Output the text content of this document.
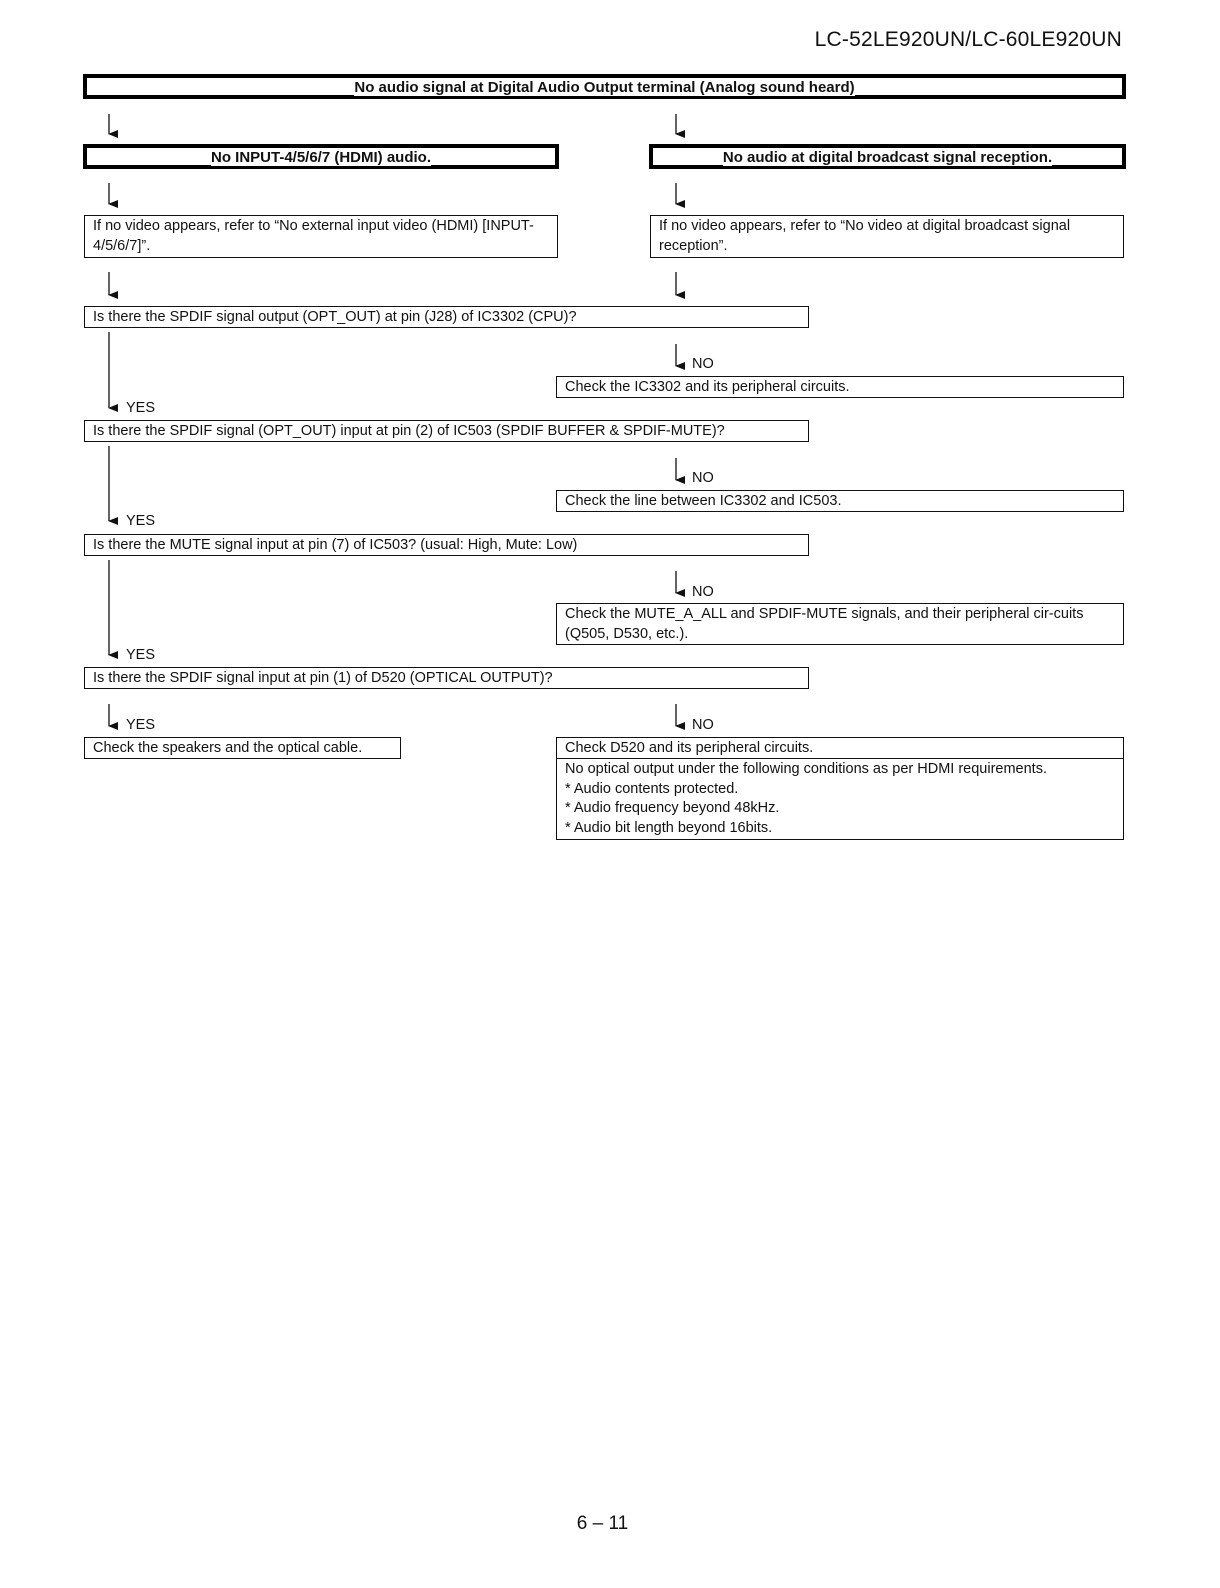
LC-52LE920UN/LC-60LE920UN
No audio signal at Digital Audio Output terminal (Analog sound heard)
No INPUT-4/5/6/7 (HDMI) audio.	No audio at digital broadcast signal reception.
If no video appears, refer to “No external input video (HDMI) [INPUT-4/5/6/7]”.
If no video appears, refer to “No video at digital broadcast signal reception”.
Is there the SPDIF signal output (OPT_OUT) at pin (J28) of IC3302 (CPU)?
NO
Check the IC3302 and its peripheral circuits.
YES
Is there the SPDIF signal (OPT_OUT) input at pin (2) of IC503 (SPDIF BUFFER & SPDIF-MUTE)?
NO
Check the line between IC3302 and IC503.
YES
Is there the MUTE signal input at pin (7) of IC503? (usual: High, Mute: Low)
NO
Check the MUTE_A_ALL and SPDIF-MUTE signals, and their peripheral cir-cuits (Q505, D530, etc.).
YES
Is there the SPDIF signal input at pin (1) of D520 (OPTICAL OUTPUT)?
YES	NO
Check the speakers and the optical cable.	Check D520 and its peripheral circuits.
No optical output under the following conditions as per HDMI requirements.
* Audio contents protected.
* Audio frequency beyond 48kHz.
* Audio bit length beyond 16bits.
6 – 11
